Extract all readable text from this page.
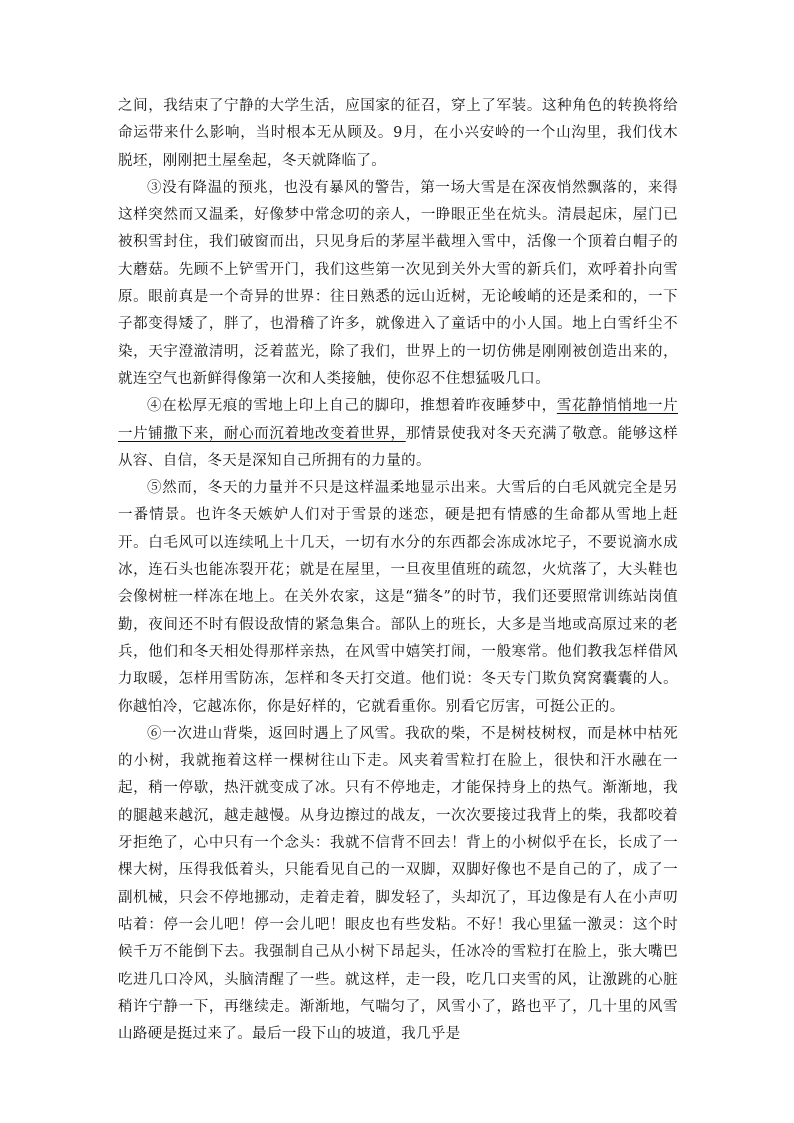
之间，我结束了宁静的大学生活，应国家的征召，穿上了军装。这种角色的转换将给命运带来什么影响，当时根本无从顾及。9月，在小兴安岭的一个山沟里，我们伐木脱坯，刚刚把土屋垒起，冬天就降临了。

③没有降温的预兆，也没有暴风的警告，第一场大雪是在深夜悄然飘落的，来得这样突然而又温柔，好像梦中常念叨的亲人，一睁眼正坐在炕头。清晨起床，屋门已被积雪封住，我们破窗而出，只见身后的茅屋半截埋入雪中，活像一个顶着白帽子的大蘑菇。先顾不上铲雪开门，我们这些第一次见到关外大雪的新兵们，欢呼着扑向雪原。眼前真是一个奇异的世界：往日熟悉的远山近树，无论峻峭的还是柔和的，一下子都变得矮了，胖了，也滑稽了许多，就像进入了童话中的小人国。地上白雪纤尘不染，天宇澄澈清明，泛着蓝光，除了我们，世界上的一切仿佛是刚刚被创造出来的，就连空气也新鲜得像第一次和人类接触，使你忍不住想猛吸几口。

④在松厚无痕的雪地上印上自己的脚印，推想着昨夜睡梦中，雪花静悄悄地一片一片铺撒下来，耐心而沉着地改变着世界，那情景使我对冬天充满了敬意。能够这样从容、自信，冬天是深知自己所拥有的力量的。

⑤然而，冬天的力量并不只是这样温柔地显示出来。大雪后的白毛风就完全是另一番情景。也许冬天嫉妒人们对于雪景的迷恋，硬是把有情感的生命都从雪地上赶开。白毛风可以连续吼上十几天，一切有水分的东西都会冻成冰坨子，不要说滴水成冰，连石头也能冻裂开花；就是在屋里，一旦夜里值班的疏忽，火炕落了，大头鞋也会像树桩一样冻在地上。在关外农家，这是“猫冬”的时节，我们还要照常训练站岗值勤，夜间还不时有假设敌情的紧急集合。部队上的班长，大多是当地或高原过来的老兵，他们和冬天相处得那样亲热，在风雪中嬉笑打闹，一般寒常。他们教我怎样借风力取暖，怎样用雪防冻，怎样和冬天打交道。他们说：冬天专门欺负窝窝囊囊的人。你越怕冷，它越冻你，你是好样的，它就看重你。别看它厉害，可挺公正的。

⑥一次进山背柴，返回时遇上了风雪。我砍的柴，不是树枝树杈，而是林中枯死的小树，我就拖着这样一棵树往山下走。风夹着雪粒打在脸上，很快和汗水融在一起，稍一停歇，热汗就变成了冰。只有不停地走，才能保持身上的热气。渐渐地，我的腿越来越沉，越走越慢。从身边擦过的战友，一次次要接过我背上的柴，我都咬着牙拒绝了，心中只有一个念头：我就不信背不回去！背上的小树似乎在长，长成了一棵大树，压得我低着头，只能看见自己的一双脚，双脚好像也不是自己的了，成了一副机械，只会不停地挪动，走着走着，脚发轻了，头却沉了，耳边像是有人在小声叨咕着：停一会儿吧！停一会儿吧！眼皮也有些发粘。不好！我心里猛一激灵：这个时候千万不能倒下去。我强制自己从小树下昂起头，任冰冷的雪粒打在脸上，张大嘴巴吃进几口冷风，头脑清醒了一些。就这样，走一段，吃几口夹雪的风，让激跳的心脏稍许宁静一下，再继续走。渐渐地，气喘匀了，风雪小了，路也平了，几十里的风雪山路硬是挺过来了。最后一段下山的坡道，我几乎是
